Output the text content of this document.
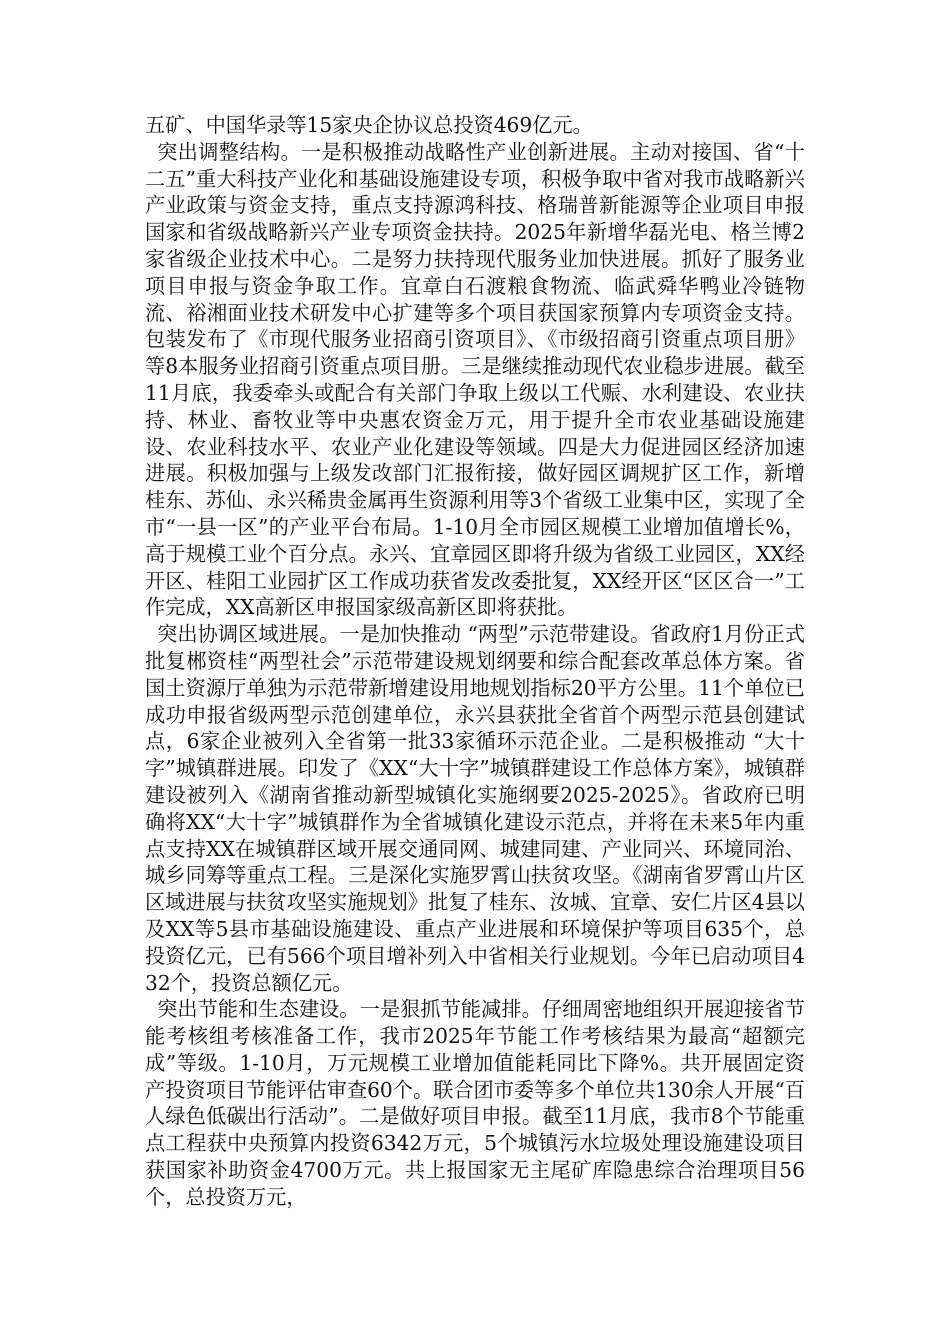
五矿、中国华录等15家央企协议总投资469亿元。

突出调整结构。一是积极推动战略性产业创新进展。主动对接国、省“十二五”重大科技产业化和基础设施建设专项，积极争取中省对我市战略新兴产业政策与资金支持，重点支持源鸿科技、格瑞普新能源等企业项目申报国家和省级战略新兴产业专项资金扶持。2025年新增华磊光电、格兰博2家省级企业技术中心。二是努力扶持现代服务业加快进展。抓好了服务业项目申报与资金争取工作。宜章白石渡粮食物流、临武舜华鸭业冷链物流、裕湘面业技术研发中心扩建等多个项目获国家预算内专项资金支持。包装发布了《市现代服务业招商引资项目》、《市级招商引资重点项目册》等8本服务业招商引资重点项目册。三是继续推动现代农业稳步进展。截至11月底，我委牵头或配合有关部门争取上级以工代赈、水利建设、农业扶持、林业、畜牧业等中央惠农资金万元，用于提升全市农业基础设施建设、农业科技水平、农业产业化建设等领域。四是大力促进园区经济加速进展。积极加强与上级发改部门汇报衔接，做好园区调规扩区工作，新增桂东、苏仙、永兴稀贵金属再生资源利用等3个省级工业集中区，实现了全市“一县一区”的产业平台布局。1-10月全市园区规模工业增加值增长%，高于规模工业个百分点。永兴、宜章园区即将升级为省级工业园区，XX经开区、桂阳工业园扩区工作成功获省发改委批复，XX经开区“区区合一”工作完成，XX高新区申报国家级高新区即将获批。

突出协调区域进展。一是加快推动 “两型”示范带建设。省政府1月份正式批复郴资桂“两型社会”示范带建设规划纲要和综合配套改革总体方案。省国土资源厅单独为示范带新增建设用地规划指标20平方公里。11个单位已成功申报省级两型示范创建单位，永兴县获批全省首个两型示范县创建试点，6家企业被列入全省第一批33家循环示范企业。二是积极推动 “大十字”城镇群进展。印发了《XX“大十字”城镇群建设工作总体方案》，城镇群建设被列入《湖南省推动新型城镇化实施纲要2025-2025》。省政府已明确将XX“大十字”城镇群作为全省城镇化建设示范点，并将在未来5年内重点支持XX在城镇群区域开展交通同网、城建同建、产业同兴、环境同治、城乡同筹等重点工程。三是深化实施罗霄山扶贫攻坚。《湖南省罗霄山片区区域进展与扶贫攻坚实施规划》批复了桂东、汝城、宜章、安仁片区4县以及XX等5县市基础设施建设、重点产业进展和环境保护等项目635个，总投资亿元，已有566个项目增补列入中省相关行业规划。今年已启动项目432个，投资总额亿元。

突出节能和生态建设。一是狠抓节能减排。仔细周密地组织开展迎接省节能考核组考核准备工作，我市2025年节能工作考核结果为最高“超额完成”等级。1-10月，万元规模工业增加值能耗同比下降%。共开展固定资产投资项目节能评估审查60个。联合团市委等多个单位共130余人开展“百人绿色低碳出行活动”。二是做好项目申报。截至11月底，我市8个节能重点工程获中央预算内投资6342万元，5个城镇污水垃圾处理设施建设项目获国家补助资金4700万元。共上报国家无主尾矿库隐患综合治理项目56个，总投资万元，
